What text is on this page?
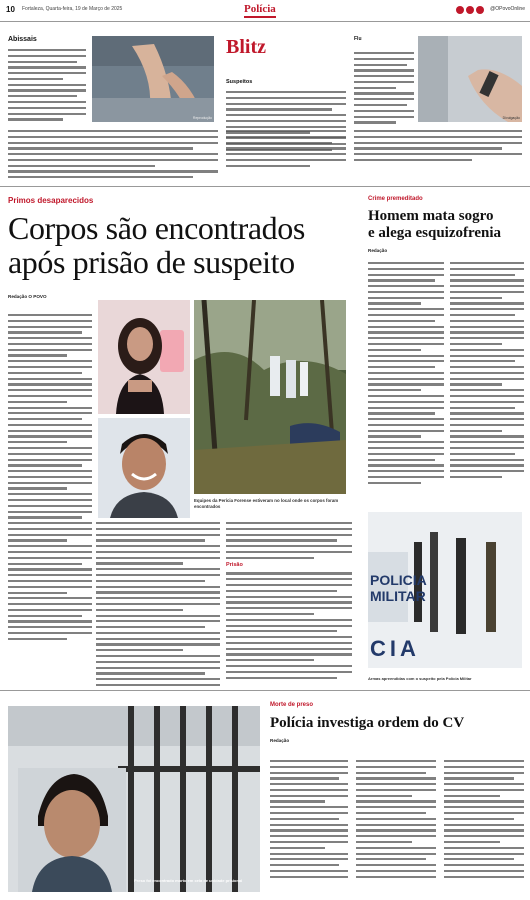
10 Fortaleza, Quarta-feira, 19 de Março de 2025	Polícia	@OPovoOnline
Abissais
Reprodução
Blitz
Suspeitos
Flu
Divulgação
Primos desaparecidos
Corpos são encontrados
após prisão de suspeito
Redação O POVO
Equipes da Perícia Forense estiveram no local onde os corpos foram encontrados
Prisão
Crime premeditado
Homem mata sogro
e alega esquizofrenia
Redação
POLICIA
MILITAR
CIA
Armas apreendidas com o suspeito pela Polícia Militar
Preso foi encontrado morto em cela de unidade prisional
Morte de preso
Polícia investiga ordem do CV
Redação
